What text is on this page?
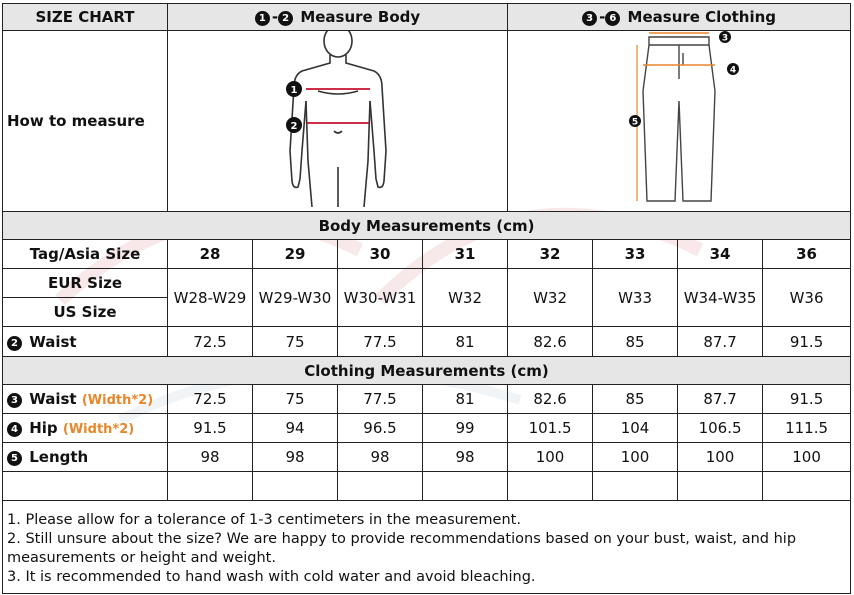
SIZE CHART	1 - 2 Measure Body				3 - 6 Measure Clothing			
How to measure	1
2				3
4
5			

Body Measurements (cm)								
Tag/Asia Size	28	29	30	31	32	33	34	36
EUR Size	W28-W29	W29-W30	W30-W31	W32	W32	W33	W34-W35	W36
US Size								
2 Waist	72.5	75	77.5	81	82.6	85	87.7	91.5
Clothing Measurements (cm)								
3 Waist (Width*2)	72.5	75	77.5	81	82.6	85	87.7	91.5
4 Hip (Width*2)	91.5	94	96.5	99	101.5	104	106.5	111.5
5 Length	98	98	98	98	100	100	100	100

1. Please allow for a tolerance of 1-3 centimeters in the measurement.
2. Still unsure about the size? We are happy to provide recommendations based on your bust, waist, and hip measurements or height and weight.
3. It is recommended to hand wash with cold water and avoid bleaching.								
